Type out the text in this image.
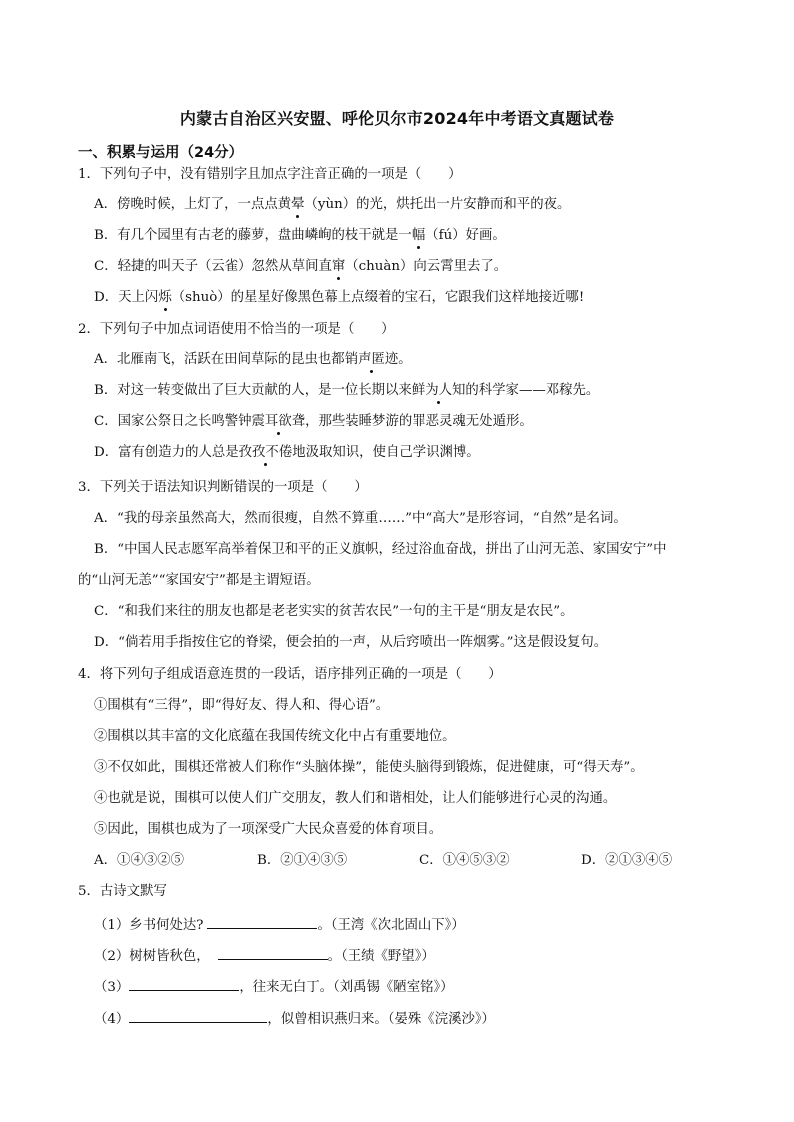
内蒙古自治区兴安盟、呼伦贝尔市2024年中考语文真题试卷
一、积累与运用（24分）
1．下列句子中，没有错别字且加点字注音正确的一项是（　　）
A．傍晚时候，上灯了，一点点黄晕（yùn）的光，烘托出一片安静而和平的夜。
B．有几个园里有古老的藤萝，盘曲嶙峋的枝干就是一幅（fú）好画。
C．轻捷的叫天子（云雀）忽然从草间直窜（chuàn）向云霄里去了。
D．天上闪烁（shuò）的星星好像黑色幕上点缀着的宝石，它跟我们这样地接近哪!
2．下列句子中加点词语使用不恰当的一项是（　　）
A．北雁南飞，活跃在田间草际的昆虫也都销声匿迹。
B．对这一转变做出了巨大贡献的人，是一位长期以来鲜为人知的科学家——邓稼先。
C．国家公祭日之长鸣警钟震耳欲聋，那些装睡梦游的罪恶灵魂无处遁形。
D．富有创造力的人总是孜孜不倦地汲取知识，使自己学识渊博。
3．下列关于语法知识判断错误的一项是（　　）
A．“我的母亲虽然高大，然而很瘦，自然不算重……”中“高大”是形容词，“自然”是名词。
B．“中国人民志愿军高举着保卫和平的正义旗帜，经过浴血奋战，拼出了山河无恙、家国安宁”中
的“山河无恙”“家国安宁”都是主谓短语。
C．“和我们来往的朋友也都是老老实实的贫苦农民”一句的主干是“朋友是农民”。
D．“倘若用手指按住它的脊梁，便会拍的一声，从后窍喷出一阵烟雾。”这是假设复句。
4．将下列句子组成语意连贯的一段话，语序排列正确的一项是（　　）
①围棋有“三得”，即“得好友、得人和、得心语”。
②围棋以其丰富的文化底蕴在我国传统文化中占有重要地位。
③不仅如此，围棋还常被人们称作“头脑体操”，能使头脑得到锻炼，促进健康，可“得天寿”。
④也就是说，围棋可以使人们广交朋友，教人们和谐相处，让人们能够进行心灵的沟通。
⑤因此，围棋也成为了一项深受广大民众喜爱的体育项目。
A．①④③②⑤	B．②①④③⑤	C．①④⑤③②	D．②①③④⑤
5．古诗文默写
（1）乡书何处达?	。（王湾《次北固山下》）
（2）树树皆秋色，	。（王绩《野望》）
（3）	，往来无白丁。（刘禹锡《陋室铭》）
（4）	，似曾相识燕归来。（晏殊《浣溪沙》）
